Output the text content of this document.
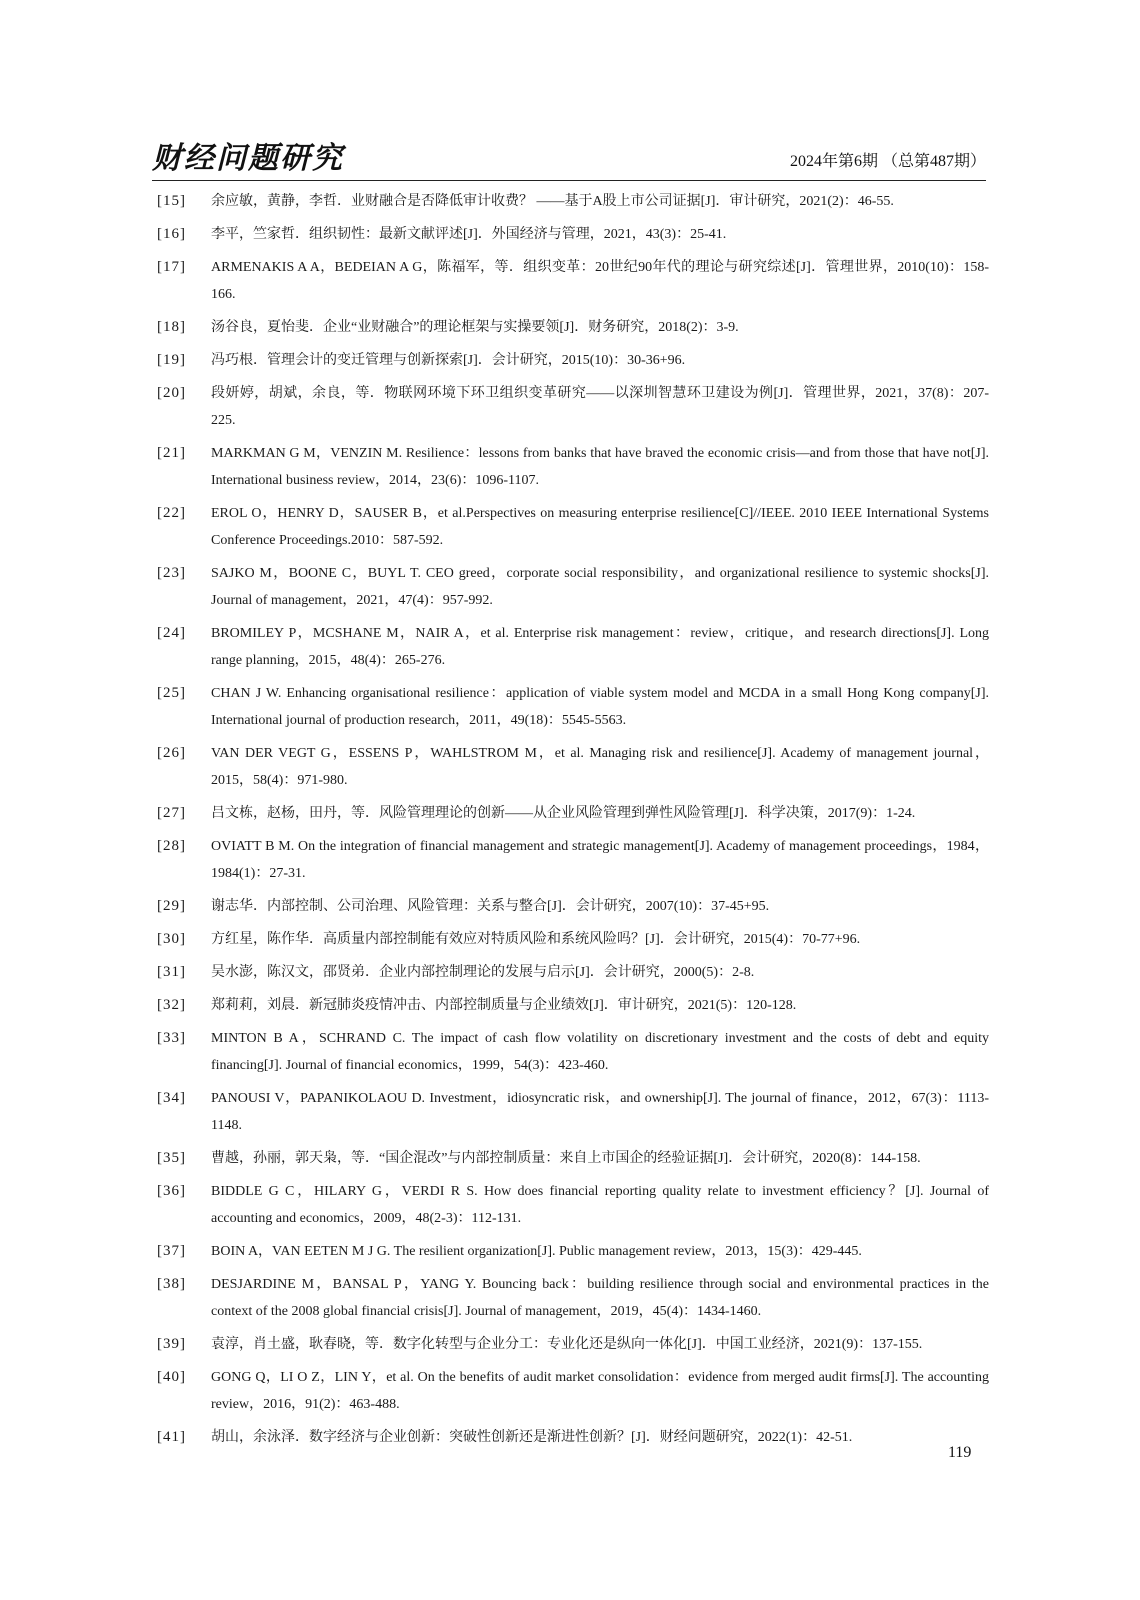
财经问题研究	2024年第6期 （总第487期）
[15] 余应敏，黄静，李哲．业财融合是否降低审计收费？ ——基于A股上市公司证据[J]．审计研究，2021(2)：46-55.
[16] 李平，竺家哲．组织韧性：最新文献评述[J]．外国经济与管理，2021，43(3)：25-41.
[17] ARMENAKIS A A，BEDEIAN A G，陈福军，等．组织变革：20世纪90年代的理论与研究综述[J]．管理世界，2010(10)：158-166.
[18] 汤谷良，夏怡斐．企业“业财融合”的理论框架与实操要领[J]．财务研究，2018(2)：3-9.
[19] 冯巧根．管理会计的变迁管理与创新探索[J]．会计研究，2015(10)：30-36+96.
[20] 段妍婷，胡斌，余良，等．物联网环境下环卫组织变革研究——以深圳智慧环卫建设为例[J]．管理世界，2021，37(8)：207-225.
[21] MARKMAN G M，VENZIN M. Resilience：lessons from banks that have braved the economic crisis—and from those that have not[J]. International business review，2014，23(6)：1096-1107.
[22] EROL O，HENRY D，SAUSER B，et al.Perspectives on measuring enterprise resilience[C]//IEEE. 2010 IEEE International Systems Conference Proceedings.2010：587-592.
[23] SAJKO M，BOONE C，BUYL T. CEO greed，corporate social responsibility，and organizational resilience to systemic shocks[J]. Journal of management，2021，47(4)：957-992.
[24] BROMILEY P，MCSHANE M，NAIR A，et al. Enterprise risk management：review，critique，and research directions[J]. Long range planning，2015，48(4)：265-276.
[25] CHAN J W. Enhancing organisational resilience：application of viable system model and MCDA in a small Hong Kong company[J]. International journal of production research，2011，49(18)：5545-5563.
[26] VAN DER VEGT G，ESSENS P，WAHLSTROM M，et al. Managing risk and resilience[J]. Academy of management journal，2015，58(4)：971-980.
[27] 吕文栋，赵杨，田丹，等．风险管理理论的创新——从企业风险管理到弹性风险管理[J]．科学决策，2017(9)：1-24.
[28] OVIATT B M. On the integration of financial management and strategic management[J]. Academy of management proceedings，1984，1984(1)：27-31.
[29] 谢志华．内部控制、公司治理、风险管理：关系与整合[J]．会计研究，2007(10)：37-45+95.
[30] 方红星，陈作华．高质量内部控制能有效应对特质风险和系统风险吗？[J]．会计研究，2015(4)：70-77+96.
[31] 吴水澎，陈汉文，邵贤弟．企业内部控制理论的发展与启示[J]．会计研究，2000(5)：2-8.
[32] 郑莉莉，刘晨．新冠肺炎疫情冲击、内部控制质量与企业绩效[J]．审计研究，2021(5)：120-128.
[33] MINTON B A，SCHRAND C. The impact of cash flow volatility on discretionary investment and the costs of debt and equity financing[J]. Journal of financial economics，1999，54(3)：423-460.
[34] PANOUSI V，PAPANIKOLAOU D. Investment，idiosyncratic risk，and ownership[J]. The journal of finance，2012，67(3)：1113-1148.
[35] 曹越，孙丽，郭天枭，等．“国企混改”与内部控制质量：来自上市国企的经验证据[J]．会计研究，2020(8)：144-158.
[36] BIDDLE G C，HILARY G，VERDI R S. How does financial reporting quality relate to investment efficiency？[J]. Journal of accounting and economics，2009，48(2-3)：112-131.
[37] BOIN A，VAN EETEN M J G. The resilient organization[J]. Public management review，2013，15(3)：429-445.
[38] DESJARDINE M，BANSAL P，YANG Y. Bouncing back：building resilience through social and environmental practices in the context of the 2008 global financial crisis[J]. Journal of management，2019，45(4)：1434-1460.
[39] 袁淳，肖土盛，耿春晓，等．数字化转型与企业分工：专业化还是纵向一体化[J]．中国工业经济，2021(9)：137-155.
[40] GONG Q，LI O Z，LIN Y，et al. On the benefits of audit market consolidation：evidence from merged audit firms[J]. The accounting review，2016，91(2)：463-488.
[41] 胡山，余泳泽．数字经济与企业创新：突破性创新还是渐进性创新？[J]．财经问题研究，2022(1)：42-51.
119
